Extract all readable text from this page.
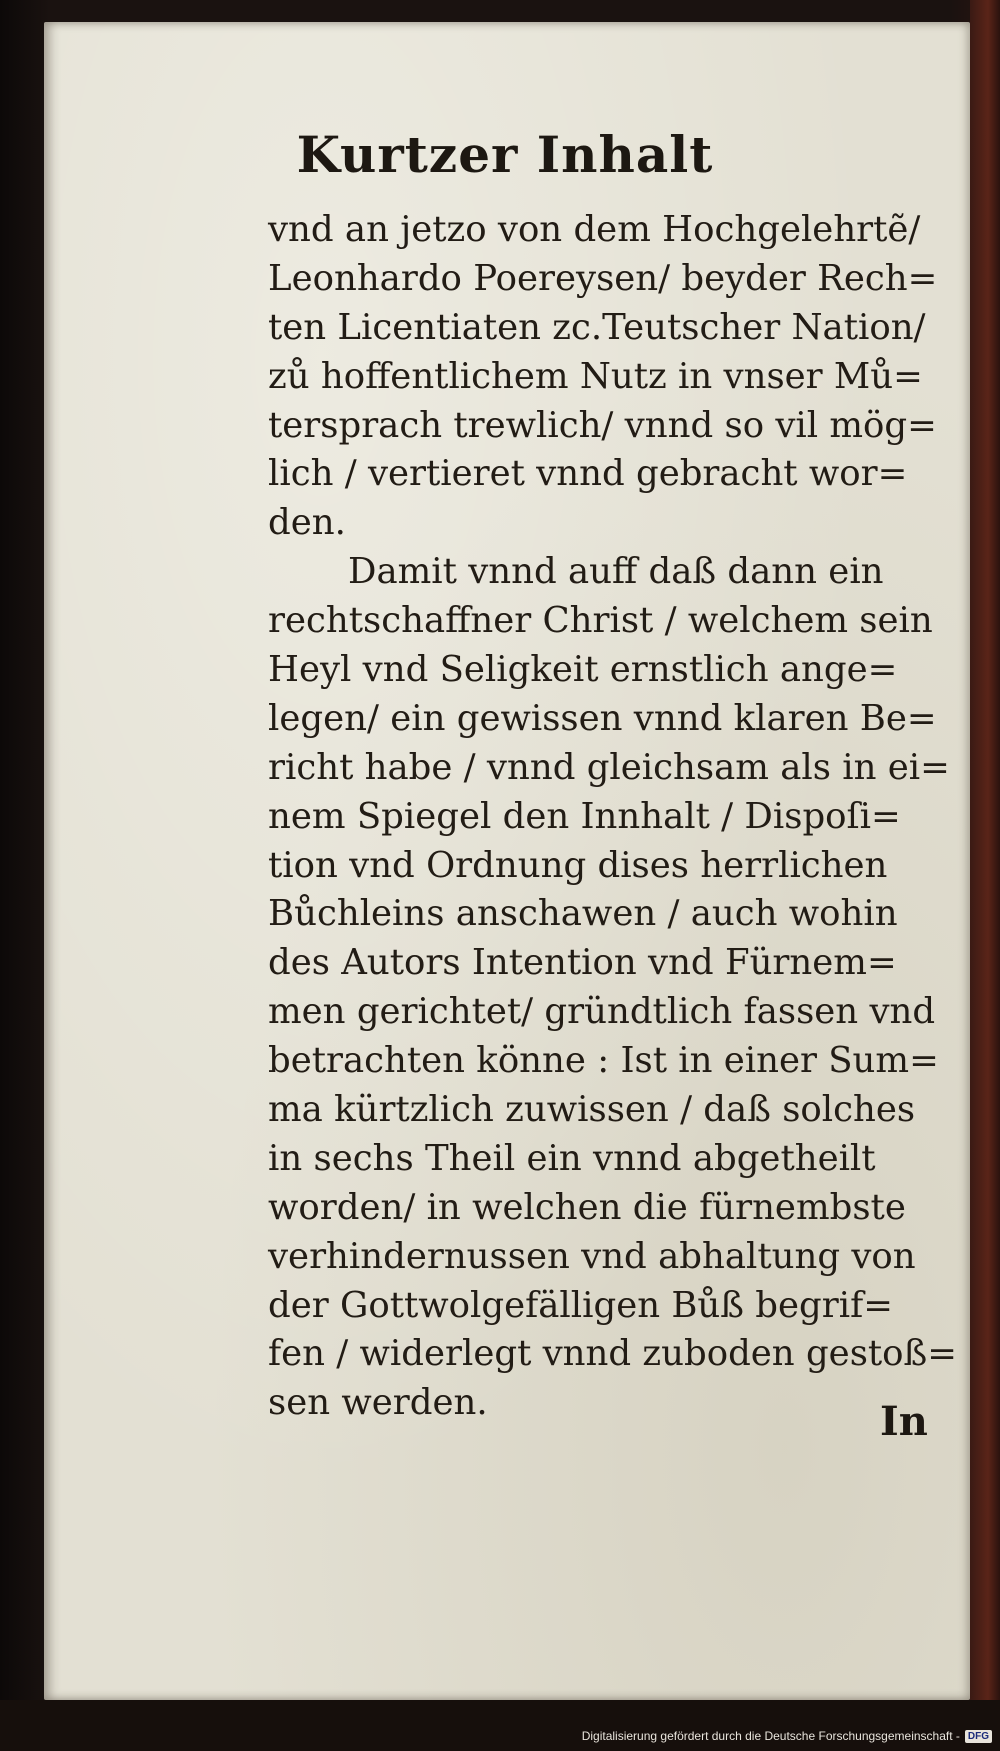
Kurtzer Inhalt
vnd an jetzo von dem Hochgelehrtẽ/
Leonhardo Poereysen/ beyder Rech=
ten Licentiaten zc.Teutscher Nation/
zů hoffentlichem Nutz in vnser Mů=
tersprach trewlich/ vnnd so vil mög=
lich / vertieret vnnd gebracht wor=
den.
Damit vnnd auff daß dann ein
rechtschaffner Christ / welchem sein
Heyl vnd Seligkeit ernstlich ange=
legen/ ein gewissen vnnd klaren Be=
richt habe / vnnd gleichsam als in ei=
nem Spiegel den Innhalt / Dispoſi=
tion vnd Ordnung dises herrlichen
Bůchleins anschawen / auch wohin
des Autors Intention vnd Fürnem=
men gerichtet/ gründtlich fassen vnd
betrachten könne : Ist in einer Sum=
ma kürtzlich zuwissen / daß solches
in sechs Theil ein vnnd abgetheilt
worden/ in welchen die fürnembste
verhindernussen vnd abhaltung von
der Gottwolgefälligen Bůß begrif=
fen / widerlegt vnnd zuboden gestoß=
sen werden.	In

Digitalisierung gefördert durch die Deutsche Forschungsgemeinschaft - DFG
